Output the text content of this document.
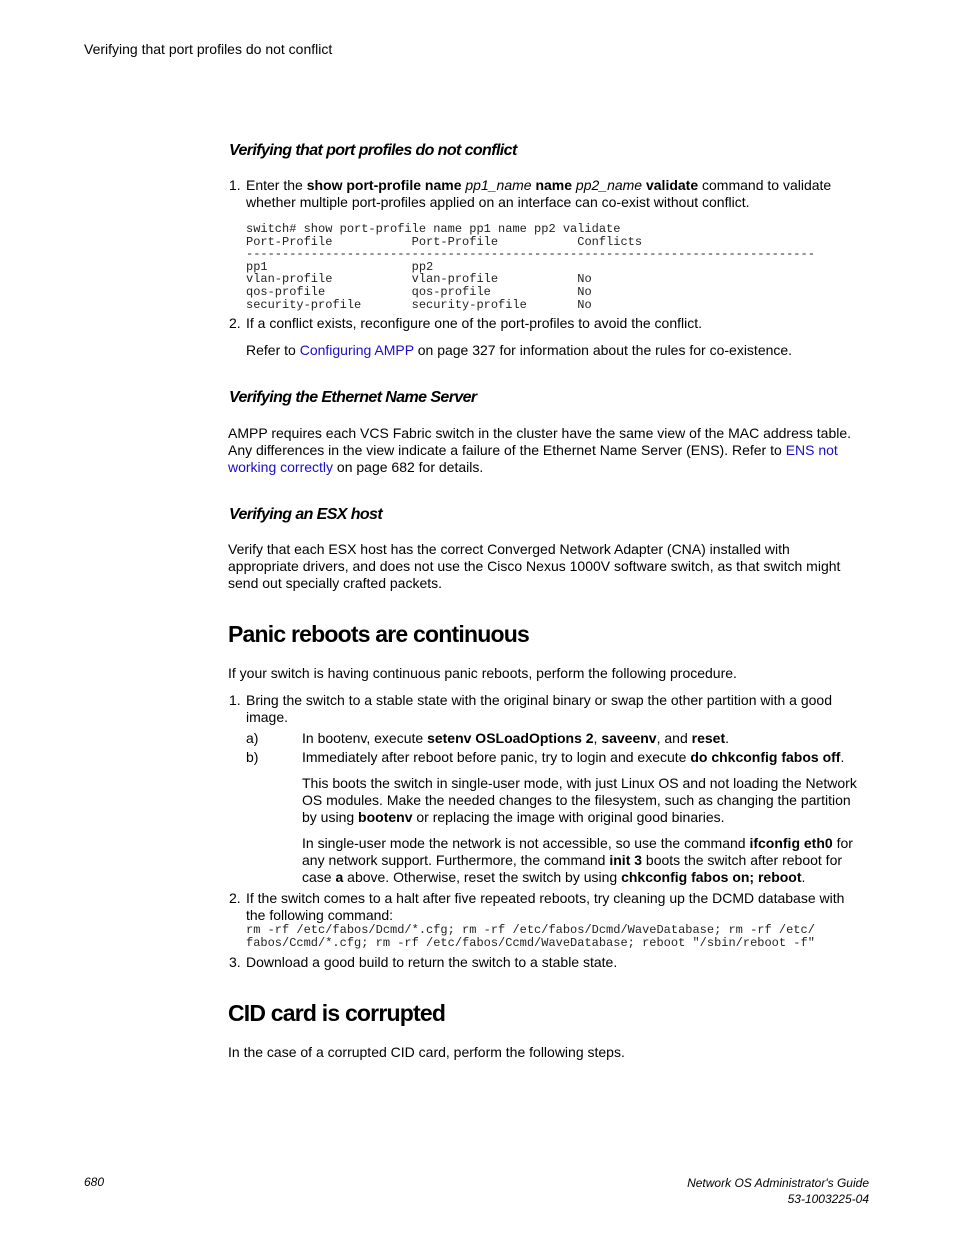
Verifying that port profiles do not conflict
Verifying that port profiles do not conflict
1. Enter the show port-profile name pp1_name name pp2_name validate command to validate
whether multiple port-profiles applied on an interface can co-exist without conflict.
switch# show port-profile name pp1 name pp2 validate
Port-Profile           Port-Profile           Conflicts
-------------------------------------------------------------------------------
pp1                    pp2
vlan-profile           vlan-profile           No
qos-profile            qos-profile            No
security-profile       security-profile       No
2. If a conflict exists, reconfigure one of the port-profiles to avoid the conflict.
Refer to Configuring AMPP on page 327 for information about the rules for co-existence.
Verifying the Ethernet Name Server
AMPP requires each VCS Fabric switch in the cluster have the same view of the MAC address table.
Any differences in the view indicate a failure of the Ethernet Name Server (ENS). Refer to ENS not
working correctly on page 682 for details.
Verifying an ESX host
Verify that each ESX host has the correct Converged Network Adapter (CNA) installed with
appropriate drivers, and does not use the Cisco Nexus 1000V software switch, as that switch might
send out specially crafted packets.
Panic reboots are continuous
If your switch is having continuous panic reboots, perform the following procedure.
1. Bring the switch to a stable state with the original binary or swap the other partition with a good
image.
a)	In bootenv, execute setenv OSLoadOptions 2, saveenv, and reset.
b)	Immediately after reboot before panic, try to login and execute do chkconfig fabos off.
This boots the switch in single-user mode, with just Linux OS and not loading the Network
OS modules. Make the needed changes to the filesystem, such as changing the partition
by using bootenv or replacing the image with original good binaries.
In single-user mode the network is not accessible, so use the command ifconfig eth0 for
any network support. Furthermore, the command init 3 boots the switch after reboot for
case a above. Otherwise, reset the switch by using chkconfig fabos on; reboot.
2. If the switch comes to a halt after five repeated reboots, try cleaning up the DCMD database with
the following command:
rm -rf /etc/fabos/Dcmd/*.cfg; rm -rf /etc/fabos/Dcmd/WaveDatabase; rm -rf /etc/
fabos/Ccmd/*.cfg; rm -rf /etc/fabos/Ccmd/WaveDatabase; reboot "/sbin/reboot -f"
3. Download a good build to return the switch to a stable state.
CID card is corrupted
In the case of a corrupted CID card, perform the following steps.
680	Network OS Administrator's Guide
53-1003225-04
